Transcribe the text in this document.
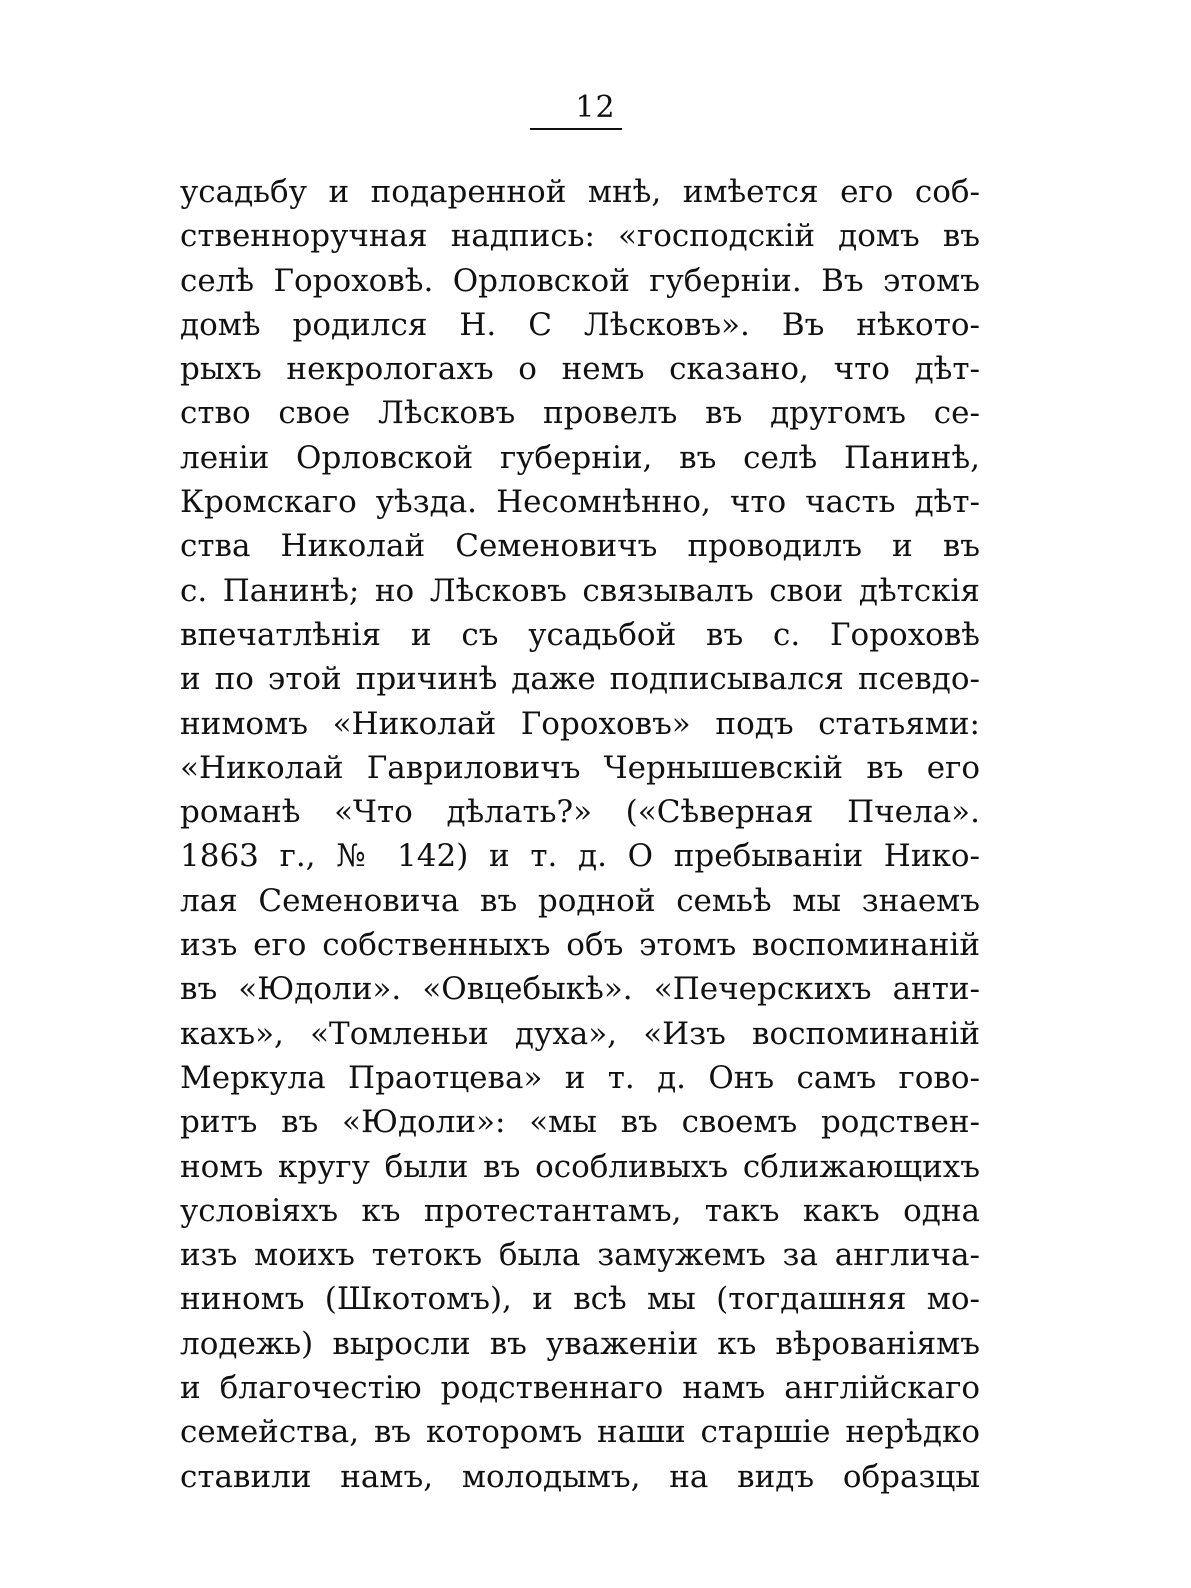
12
усадьбу и подаренной мнѣ, имѣется его соб-
ственноручная надпись: «господскій домъ въ
селѣ Гороховѣ. Орловской губерніи. Въ этомъ
домѣ родился Н. С Лѣсковъ». Въ нѣкото-
рыхъ некрологахъ о немъ сказано, что дѣт-
ство свое Лѣсковъ провелъ въ другомъ се-
леніи Орловской губерніи, въ селѣ Панинѣ,
Кромскаго уѣзда. Несомнѣнно, что часть дѣт-
ства Николай Семеновичъ проводилъ и въ
с. Панинѣ; но Лѣсковъ связывалъ свои дѣтскія
впечатлѣнія и съ усадьбой въ с. Гороховѣ
и по этой причинѣ даже подписывался псевдо-
нимомъ «Николай Гороховъ» подъ статьями:
«Николай Гавриловичъ Чернышевскій въ его
романѣ «Что дѣлать?» («Сѣверная Пчела».
1863 г., № 142) и т. д. О пребываніи Нико-
лая Семеновича въ родной семьѣ мы знаемъ
изъ его собственныхъ объ этомъ воспоминаній
въ «Юдоли». «Овцебыкѣ». «Печерскихъ анти-
кахъ», «Томленьи духа», «Изъ воспоминаній
Меркула Праотцева» и т. д. Онъ самъ гово-
ритъ въ «Юдоли»: «мы въ своемъ родствен-
номъ кругу были въ особливыхъ сближающихъ
условіяхъ къ протестантамъ, такъ какъ одна
изъ моихъ тетокъ была замужемъ за англича-
ниномъ (Шкотомъ), и всѣ мы (тогдашняя мо-
лодежь) выросли въ уваженіи къ вѣрованіямъ
и благочестію родственнаго намъ англійскаго
семейства, въ которомъ наши старшіе нерѣдко
ставили намъ, молодымъ, на видъ образцы
